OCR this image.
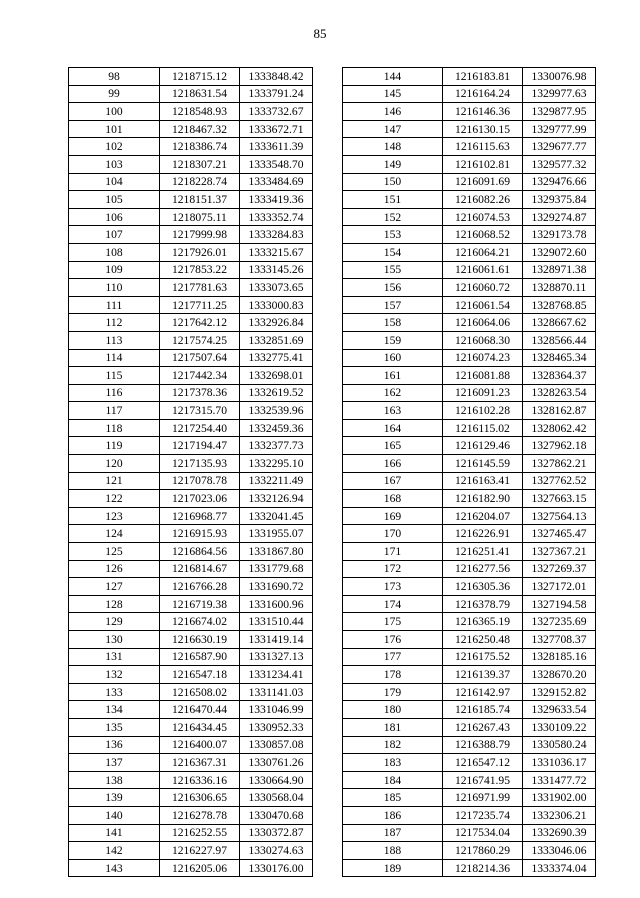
85
98	1218715.12	1333848.42
99	1218631.54	1333791.24
100	1218548.93	1333732.67
101	1218467.32	1333672.71
102	1218386.74	1333611.39
103	1218307.21	1333548.70
104	1218228.74	1333484.69
105	1218151.37	1333419.36
106	1218075.11	1333352.74
107	1217999.98	1333284.83
108	1217926.01	1333215.67
109	1217853.22	1333145.26
110	1217781.63	1333073.65
111	1217711.25	1333000.83
112	1217642.12	1332926.84
113	1217574.25	1332851.69
114	1217507.64	1332775.41
115	1217442.34	1332698.01
116	1217378.36	1332619.52
117	1217315.70	1332539.96
118	1217254.40	1332459.36
119	1217194.47	1332377.73
120	1217135.93	1332295.10
121	1217078.78	1332211.49
122	1217023.06	1332126.94
123	1216968.77	1332041.45
124	1216915.93	1331955.07
125	1216864.56	1331867.80
126	1216814.67	1331779.68
127	1216766.28	1331690.72
128	1216719.38	1331600.96
129	1216674.02	1331510.44
130	1216630.19	1331419.14
131	1216587.90	1331327.13
132	1216547.18	1331234.41
133	1216508.02	1331141.03
134	1216470.44	1331046.99
135	1216434.45	1330952.33
136	1216400.07	1330857.08
137	1216367.31	1330761.26
138	1216336.16	1330664.90
139	1216306.65	1330568.04
140	1216278.78	1330470.68
141	1216252.55	1330372.87
142	1216227.97	1330274.63
143	1216205.06	1330176.00
144	1216183.81	1330076.98
145	1216164.24	1329977.63
146	1216146.36	1329877.95
147	1216130.15	1329777.99
148	1216115.63	1329677.77
149	1216102.81	1329577.32
150	1216091.69	1329476.66
151	1216082.26	1329375.84
152	1216074.53	1329274.87
153	1216068.52	1329173.78
154	1216064.21	1329072.60
155	1216061.61	1328971.38
156	1216060.72	1328870.11
157	1216061.54	1328768.85
158	1216064.06	1328667.62
159	1216068.30	1328566.44
160	1216074.23	1328465.34
161	1216081.88	1328364.37
162	1216091.23	1328263.54
163	1216102.28	1328162.87
164	1216115.02	1328062.42
165	1216129.46	1327962.18
166	1216145.59	1327862.21
167	1216163.41	1327762.52
168	1216182.90	1327663.15
169	1216204.07	1327564.13
170	1216226.91	1327465.47
171	1216251.41	1327367.21
172	1216277.56	1327269.37
173	1216305.36	1327172.01
174	1216378.79	1327194.58
175	1216365.19	1327235.69
176	1216250.48	1327708.37
177	1216175.52	1328185.16
178	1216139.37	1328670.20
179	1216142.97	1329152.82
180	1216185.74	1329633.54
181	1216267.43	1330109.22
182	1216388.79	1330580.24
183	1216547.12	1331036.17
184	1216741.95	1331477.72
185	1216971.99	1331902.00
186	1217235.74	1332306.21
187	1217534.04	1332690.39
188	1217860.29	1333046.06
189	1218214.36	1333374.04
